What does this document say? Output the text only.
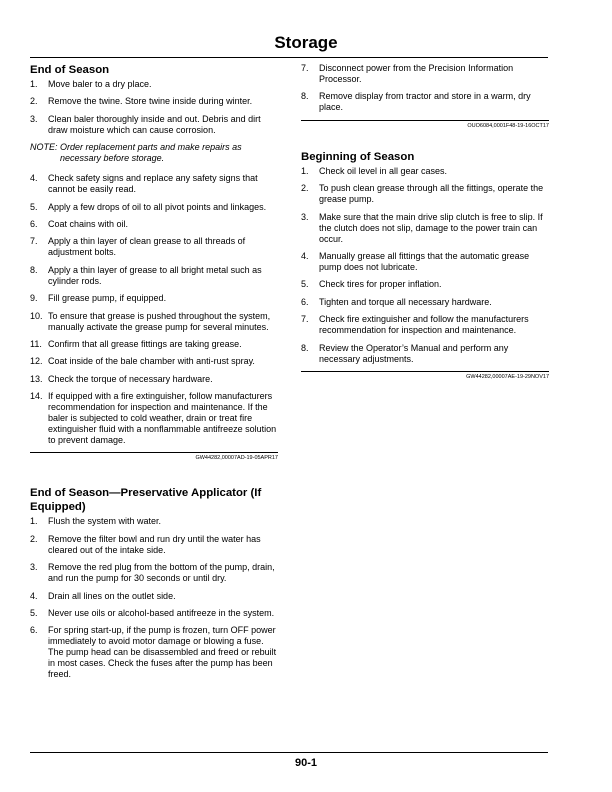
Storage
End of Season
1.	Move baler to a dry place.
2.	Remove the twine. Store twine inside during winter.
3.	Clean baler thoroughly inside and out. Debris and dirt draw moisture which can cause corrosion.
NOTE:
Order replacement parts and make repairs as necessary before storage.
4.	Check safety signs and replace any safety signs that cannot be easily read.
5.	Apply a few drops of oil to all pivot points and linkages.
6.	Coat chains with oil.
7.	Apply a thin layer of clean grease to all threads of adjustment bolts.
8.	Apply a thin layer of grease to all bright metal such as cylinder rods.
9.	Fill grease pump, if equipped.
10. To ensure that grease is pushed throughout the system, manually activate the grease pump for several minutes.
11. Confirm that all grease fittings are taking grease.
12. Coat inside of the bale chamber with anti-rust spray.
13. Check the torque of necessary hardware.
14. If equipped with a fire extinguisher, follow manufacturers recommendation for inspection and maintenance. If the baler is subjected to cold weather, drain or treat fire extinguisher fluid with a nonflammable antifreeze solution to prevent damage.
GW44282,00007AD-19-05APR17
End of Season—Preservative Applicator (If Equipped)
1.	Flush the system with water.
2.	Remove the filter bowl and run dry until the water has cleared out of the intake side.
3.	Remove the red plug from the bottom of the pump, drain, and run the pump for 30 seconds or until dry.
4.	Drain all lines on the outlet side.
5.	Never use oils or alcohol-based antifreeze in the system.
6.	For spring start-up, if the pump is frozen, turn OFF power immediately to avoid motor damage or blowing a fuse. The pump head can be disassembled and freed or rebuilt in most cases. Check the fuses after the pump has been freed.
7.	Disconnect power from the Precision Information Processor.
8.	Remove display from tractor and store in a warm, dry place.
OUO6084,0001F48-19-16OCT17
Beginning of Season
1.	Check oil level in all gear cases.
2.	To push clean grease through all the fittings, operate the grease pump.
3.	Make sure that the main drive slip clutch is free to slip. If the clutch does not slip, damage to the power train can occur.
4.	Manually grease all fittings that the automatic grease pump does not lubricate.
5.	Check tires for proper inflation.
6.	Tighten and torque all necessary hardware.
7.	Check fire extinguisher and follow the manufacturers recommendation for inspection and maintenance.
8.	Review the Operator’s Manual and perform any necessary adjustments.
GW44282,00007AE-19-29NOV17
90-1
